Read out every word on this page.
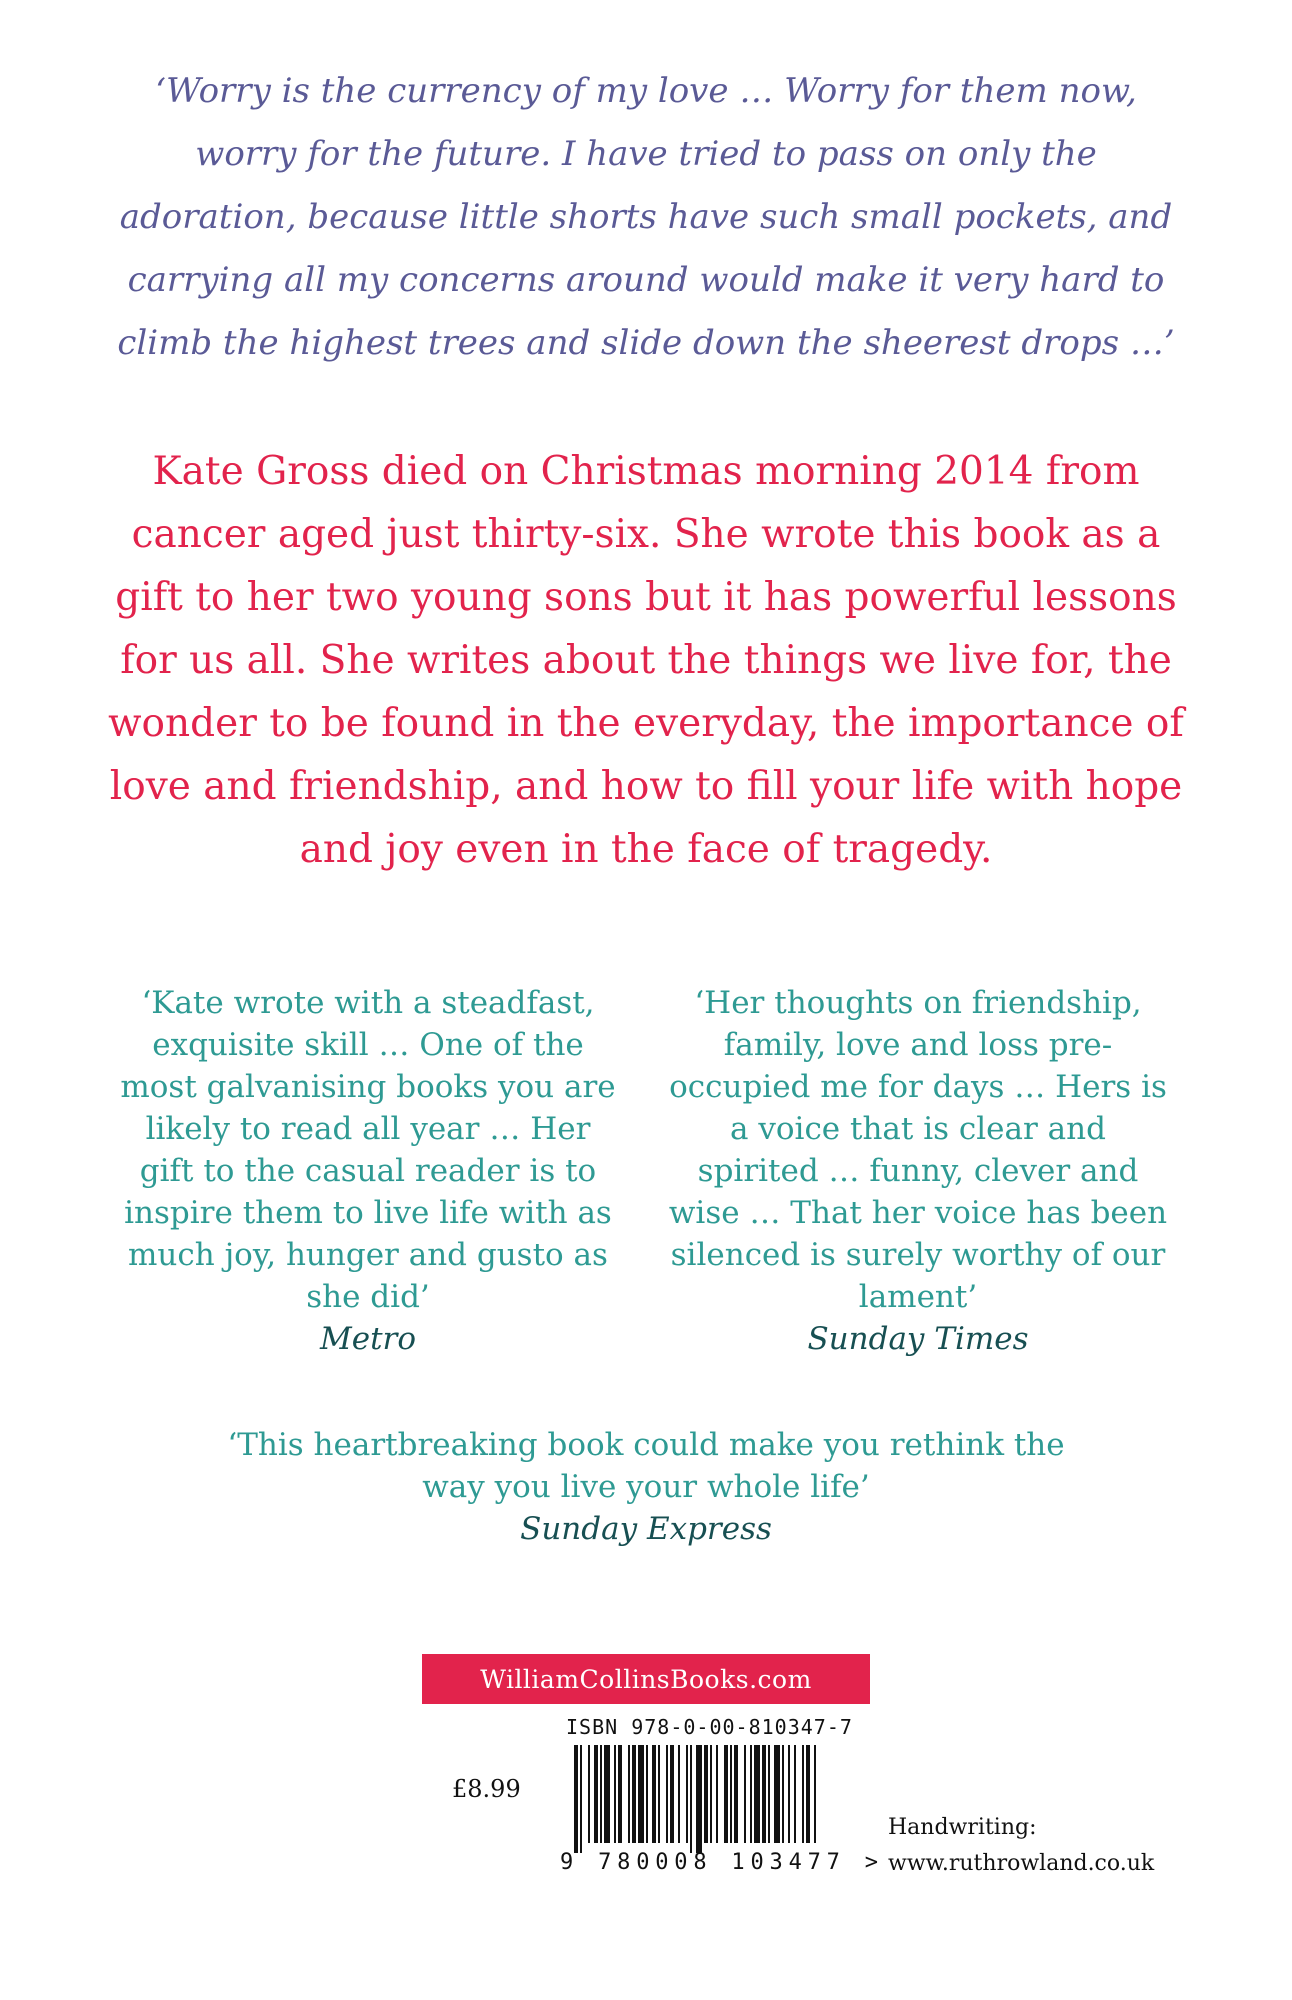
‘Worry is the currency of my love … Worry for them now, worry for the future. I have tried to pass on only the adoration, because little shorts have such small pockets, and carrying all my concerns around would make it very hard to climb the highest trees and slide down the sheerest drops …’

Kate Gross died on Christmas morning 2014 from cancer aged just thirty-six. She wrote this book as a gift to her two young sons but it has powerful lessons for us all. She writes about the things we live for, the wonder to be found in the everyday, the importance of love and friendship, and how to fill your life with hope and joy even in the face of tragedy.

‘Kate wrote with a steadfast, exquisite skill … One of the most galvanising books you are likely to read all year … Her gift to the casual reader is to inspire them to live life with as much joy, hunger and gusto as she did’
Metro

‘Her thoughts on friendship, family, love and loss pre-occupied me for days … Hers is a voice that is clear and spirited … funny, clever and wise … That her voice has been silenced is surely worthy of our lament’
Sunday Times

‘This heartbreaking book could make you rethink the way you live your whole life’
Sunday Express

WilliamCollinsBooks.com
ISBN 978-0-00-810347-7
£8.99
9 780008 103477 >
Handwriting:
www.ruthrowland.co.uk
